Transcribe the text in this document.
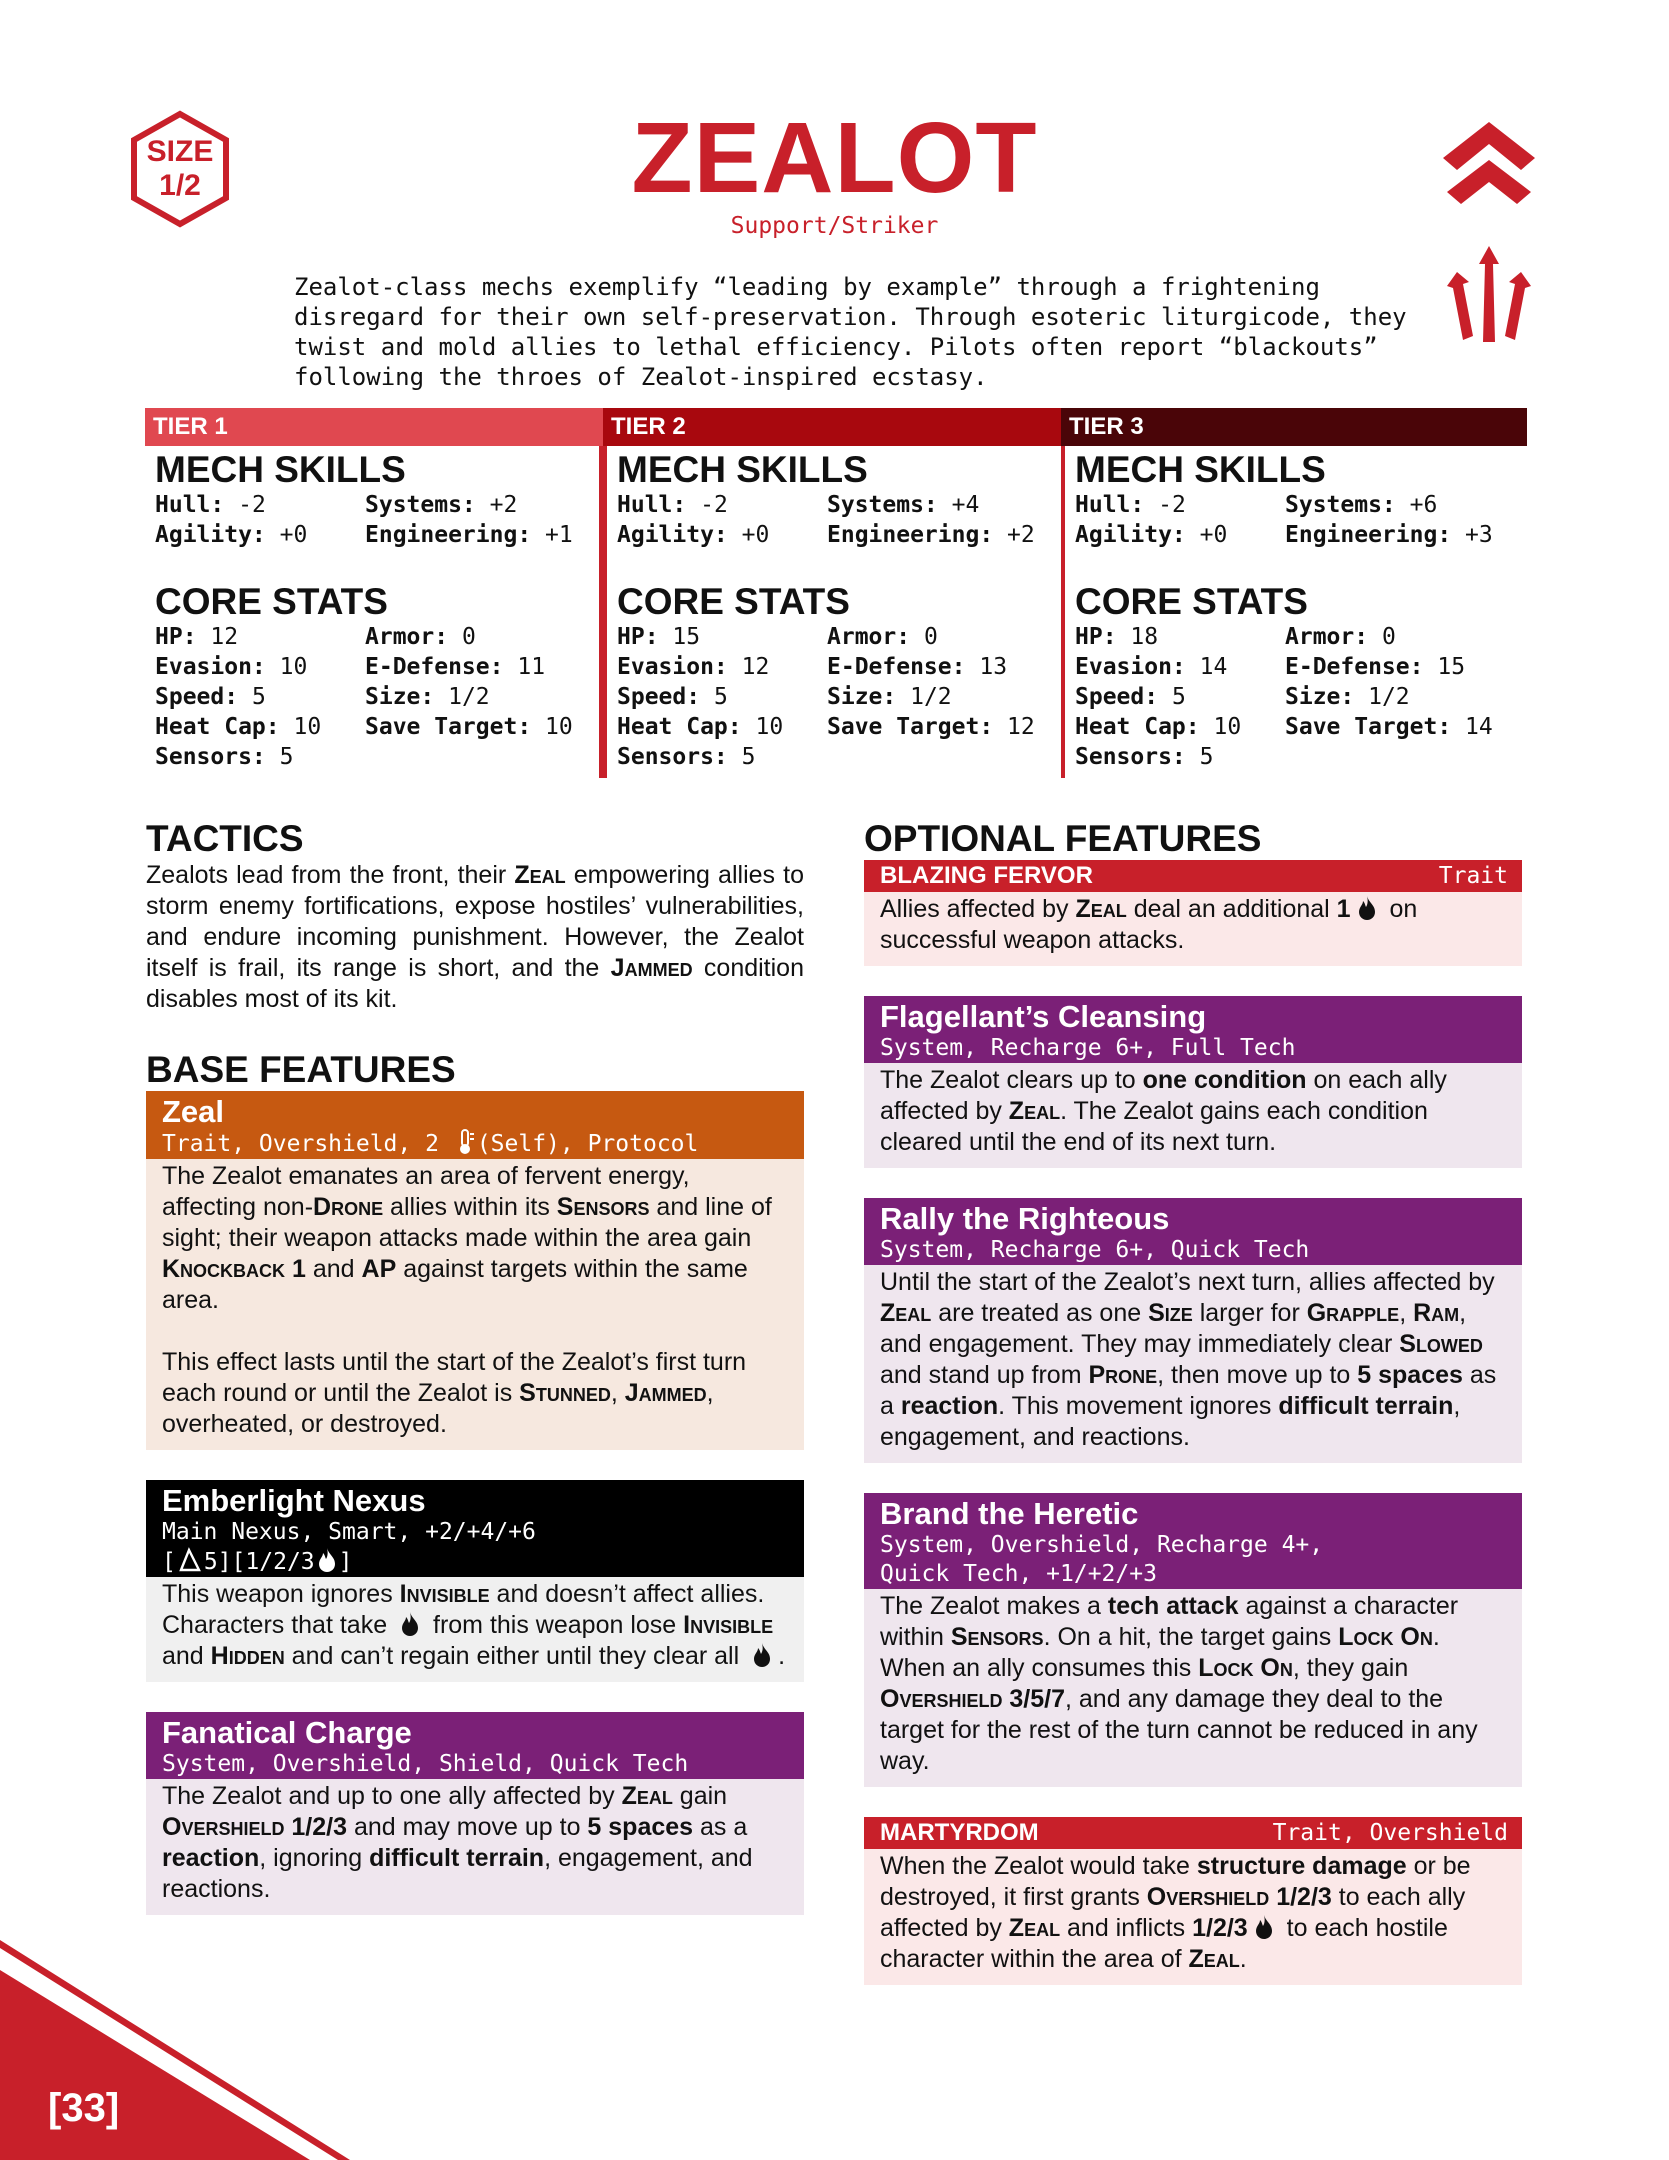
SIZE
1/2	ZEALOT
Support/Striker
Zealot-class mechs exemplify “leading by example” through a frightening disregard for their own self-preservation. Through esoteric liturgicode, they twist and mold allies to lethal efficiency. Pilots often report “blackouts” following the throes of Zealot-inspired ecstasy.
TIER 1
MECH SKILLS
Hull: -2	Systems: +2
Agility: +0	Engineering: +1
CORE STATS
HP: 12	Armor: 0
Evasion: 10	E-Defense: 11
Speed: 5	Size: 1/2
Heat Cap: 10	Save Target: 10
Sensors: 5
TIER 2
MECH SKILLS
Hull: -2	Systems: +4
Agility: +0	Engineering: +2
CORE STATS
HP: 15	Armor: 0
Evasion: 12	E-Defense: 13
Speed: 5	Size: 1/2
Heat Cap: 10	Save Target: 12
Sensors: 5
TIER 3
MECH SKILLS
Hull: -2	Systems: +6
Agility: +0	Engineering: +3
CORE STATS
HP: 18	Armor: 0
Evasion: 14	E-Defense: 15
Speed: 5	Size: 1/2
Heat Cap: 10	Save Target: 14
Sensors: 5
TACTICS
Zealots lead from the front, their Zeal empowering allies to storm enemy fortifications, expose hostiles’ vulnerabilities, and endure incoming punishment. However, the Zealot itself is frail, its range is short, and the Jammed condition disables most of its kit.
BASE FEATURES
Zeal
Trait, Overshield, 2 (Self), Protocol
The Zealot emanates an area of fervent energy, affecting non-Drone allies within its Sensors and line of sight; their weapon attacks made within the area gain Knockback 1 and AP against targets within the same area.
This effect lasts until the start of the Zealot’s first turn each round or until the Zealot is Stunned, Jammed, overheated, or destroyed.
Emberlight Nexus
Main Nexus, Smart, +2/+4/+6
[ 5][1/2/3 ]
This weapon ignores Invisible and doesn’t affect allies. Characters that take  from this weapon lose Invisible and Hidden and can’t regain either until they clear all .
Fanatical Charge
System, Overshield, Shield, Quick Tech
The Zealot and up to one ally affected by Zeal gain Overshield 1/2/3 and may move up to 5 spaces as a reaction, ignoring difficult terrain, engagement, and reactions.
OPTIONAL FEATURES
BLAZING FERVOR	Trait
Allies affected by Zeal deal an additional 1 on successful weapon attacks.
Flagellant’s Cleansing
System, Recharge 6+, Full Tech
The Zealot clears up to one condition on each ally affected by Zeal. The Zealot gains each condition cleared until the end of its next turn.
Rally the Righteous
System, Recharge 6+, Quick Tech
Until the start of the Zealot’s next turn, allies affected by Zeal are treated as one Size larger for Grapple, Ram, and engagement. They may immediately clear Slowed and stand up from Prone, then move up to 5 spaces as a reaction. This movement ignores difficult terrain, engagement, and reactions.
Brand the Heretic
System, Overshield, Recharge 4+,
Quick Tech, +1/+2/+3
The Zealot makes a tech attack against a character within Sensors. On a hit, the target gains Lock On. When an ally consumes this Lock On, they gain Overshield 3/5/7, and any damage they deal to the target for the rest of the turn cannot be reduced in any way.
MARTYRDOM	Trait, Overshield
When the Zealot would take structure damage or be destroyed, it first grants Overshield 1/2/3 to each ally affected by Zeal and inflicts 1/2/3 to each hostile character within the area of Zeal.
[33]
